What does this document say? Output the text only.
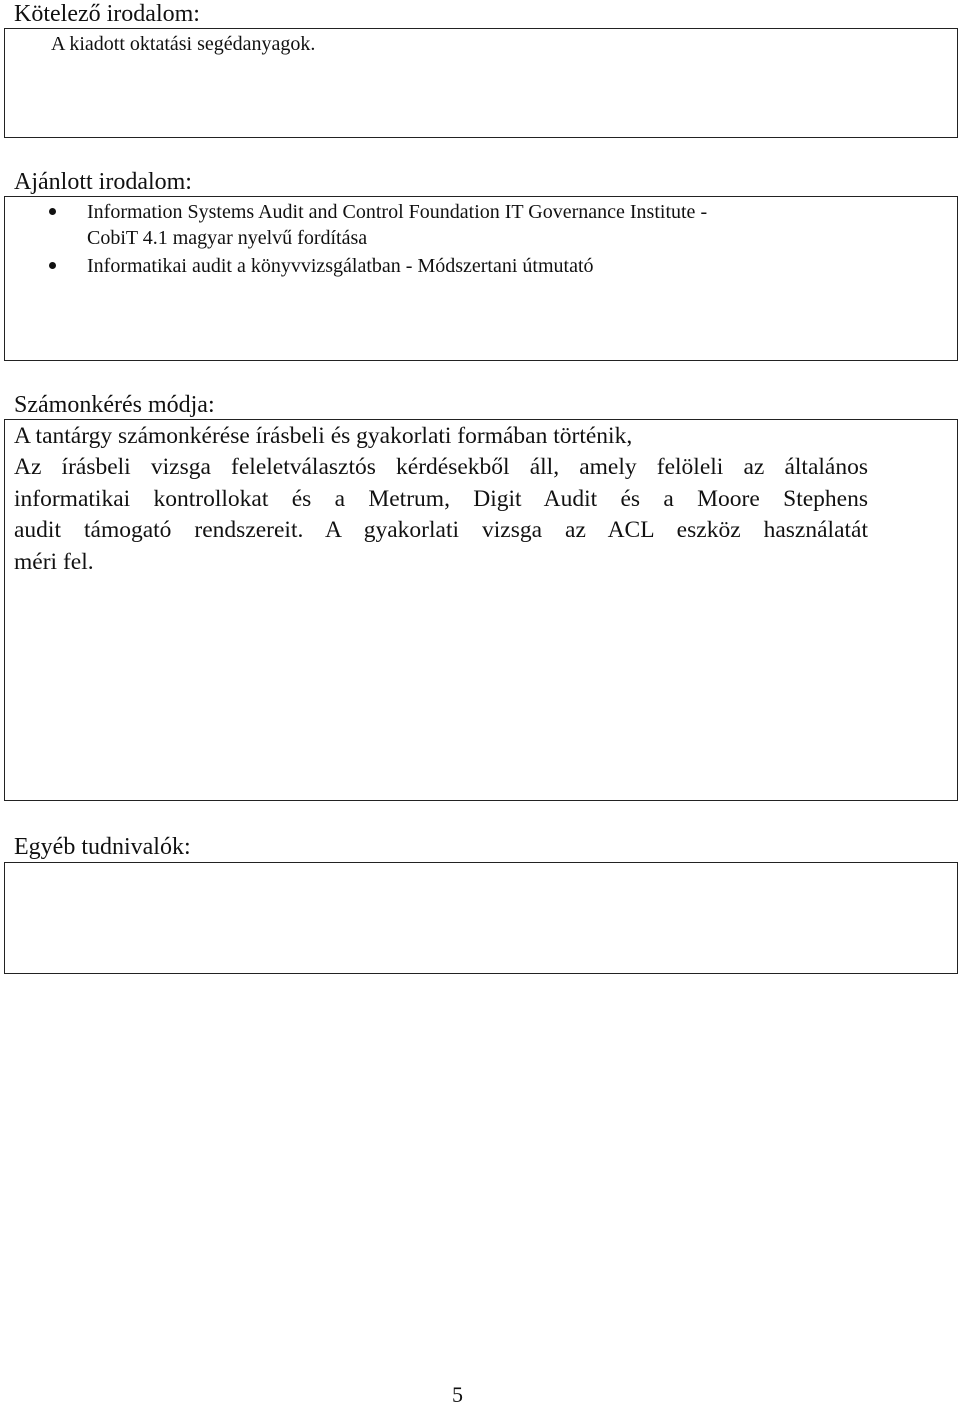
Kötelező irodalom:
A kiadott oktatási segédanyagok.
Ajánlott irodalom:
Information Systems Audit and Control Foundation IT Governance Institute -
CobiT 4.1 magyar nyelvű fordítása
Informatikai audit a könyvvizsgálatban - Módszertani útmutató
Számonkérés módja:
A tantárgy számonkérése írásbeli és gyakorlati formában történik,
Az írásbeli vizsga feleletválasztós kérdésekből áll, amely felöleli az általános
informatikai kontrollokat és a Metrum, Digit Audit és a Moore Stephens
audit támogató rendszereit. A gyakorlati vizsga az ACL eszköz használatát
méri fel.
Egyéb tudnivalók:
5
